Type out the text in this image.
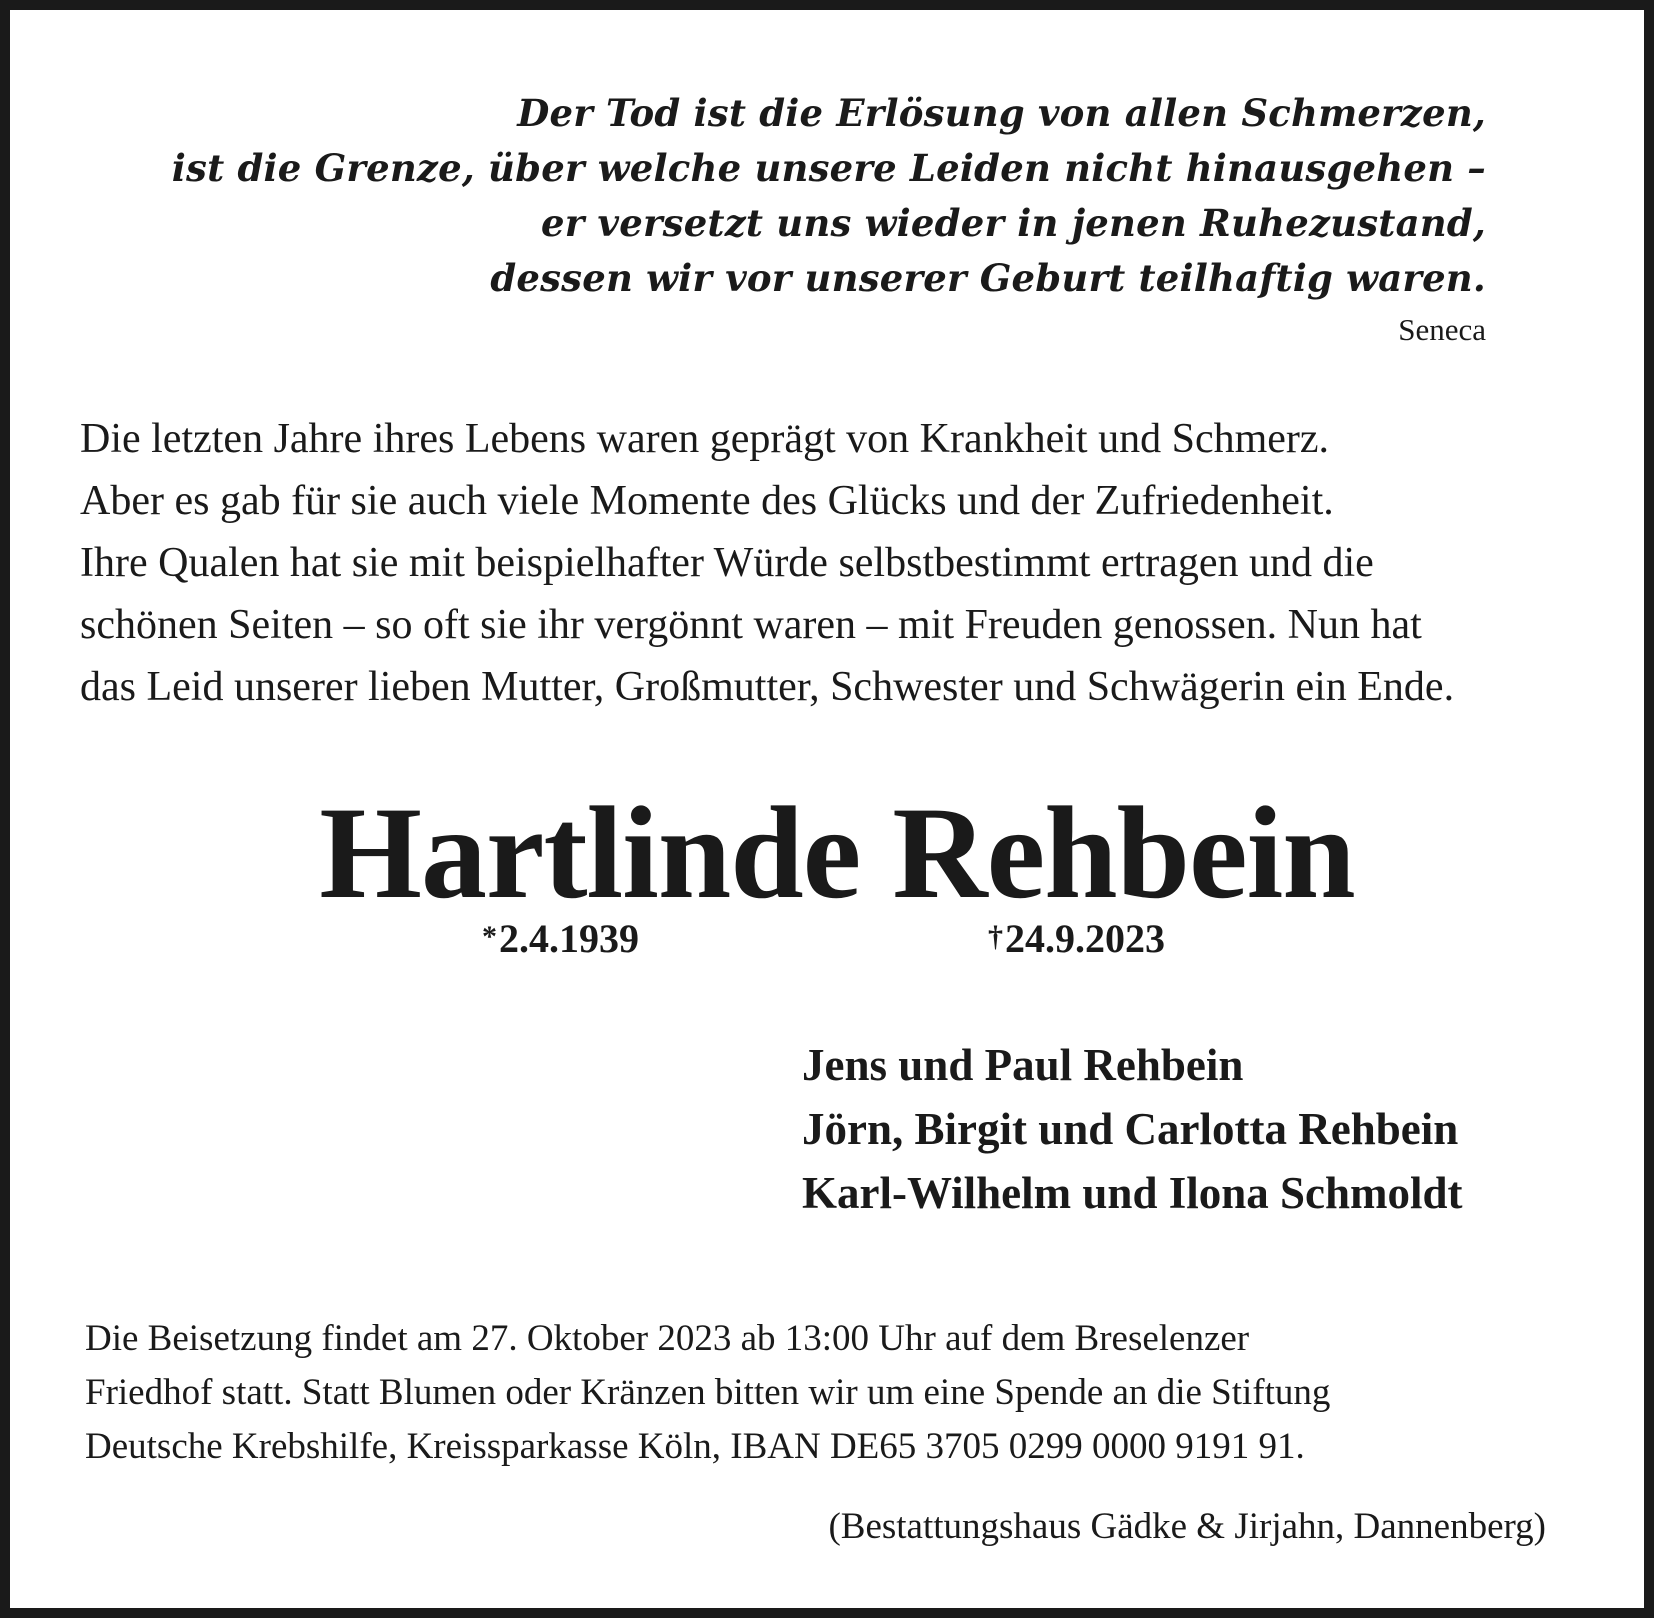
Der Tod ist die Erlösung von allen Schmerzen,
ist die Grenze, über welche unsere Leiden nicht hinausgehen –
er versetzt uns wieder in jenen Ruhezustand,
dessen wir vor unserer Geburt teilhaftig waren.
Seneca
Die letzten Jahre ihres Lebens waren geprägt von Krankheit und Schmerz.
Aber es gab für sie auch viele Momente des Glücks und der Zufriedenheit.
Ihre Qualen hat sie mit beispielhafter Würde selbstbestimmt ertragen und die
schönen Seiten – so oft sie ihr vergönnt waren – mit Freuden genossen. Nun hat
das Leid unserer lieben Mutter, Großmutter, Schwester und Schwägerin ein Ende.
Hartlinde Rehbein
*2.4.1939	†24.9.2023
Jens und Paul Rehbein
Jörn, Birgit und Carlotta Rehbein
Karl-Wilhelm und Ilona Schmoldt
Die Beisetzung findet am 27. Oktober 2023 ab 13:00 Uhr auf dem Breselenzer
Friedhof statt. Statt Blumen oder Kränzen bitten wir um eine Spende an die Stiftung
Deutsche Krebshilfe, Kreissparkasse Köln, IBAN DE65 3705 0299 0000 9191 91.
(Bestattungshaus Gädke & Jirjahn, Dannenberg)
